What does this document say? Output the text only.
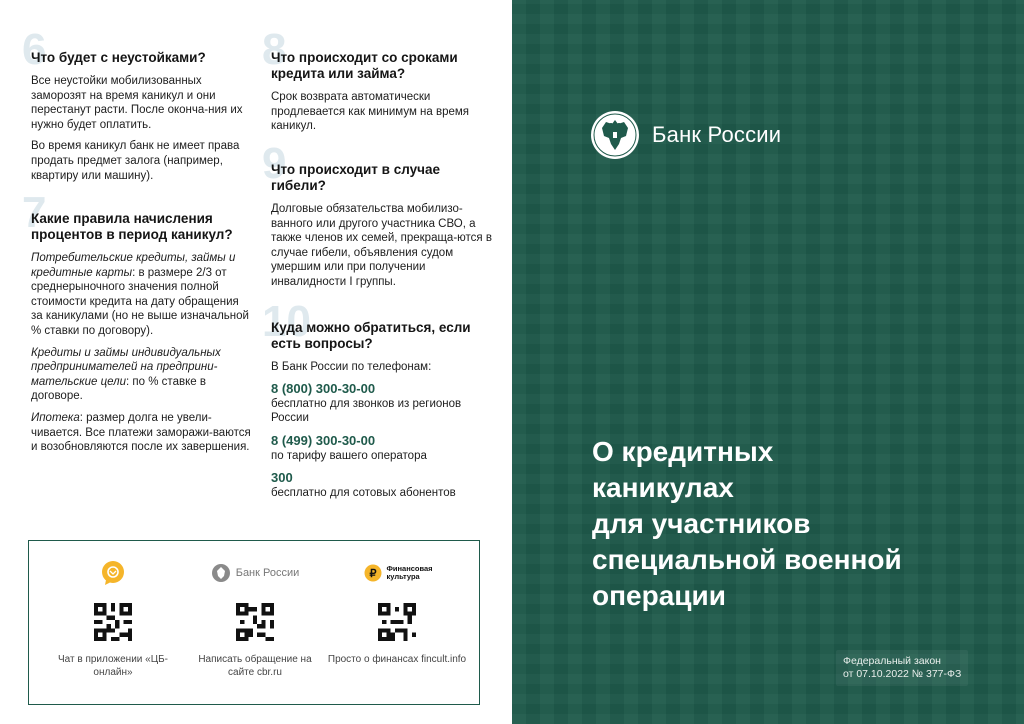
6
Что будет с неустойками?

Все неустойки мобилизованных заморозят на время каникул и они перестанут расти. После оконча-ния их нужно будет оплатить.

Во время каникул банк не имеет права продать предмет залога (например, квартиру или машину).

7
Какие правила начисления процентов в период каникул?

Потребительские кредиты, займы и кредитные карты: в размере 2/3 от среднерыночного значения полной стоимости кредита на дату обращения за каникулами (но не выше изначальной % ставки по договору).

Кредиты и займы индивидуальных предпринимателей на предприни-мательские цели: по % ставке в договоре.

Ипотека: размер долга не увели-чивается. Все платежи заморажи-ваются и возобновляются после их завершения.

8
Что происходит со сроками кредита или займа?

Срок возврата автоматически продлевается как минимум на время каникул.

9
Что происходит в случае гибели?

Долговые обязательства мобилизо-ванного или другого участника СВО, а также членов их семей, прекраща-ются в случае гибели, объявления судом умершим или при получении инвалидности I группы.

10
Куда можно обратиться, если есть вопросы?

В Банк России по телефонам:

8 (800) 300-30-00

бесплатно для звонков из регионов России

8 (499) 300-30-00

по тарифу вашего оператора

300

бесплатно для сотовых абонентов

Чат в приложении «ЦБ-онлайн»
Банк России
Написать обращение на сайте cbr.ru
₽ Финансовая культура
Просто о финансах fincult.info
Банк России
О кредитных
каникулах
для участников
специальной военной
операции
Федеральный закон
от 07.10.2022 № 377-ФЗ
